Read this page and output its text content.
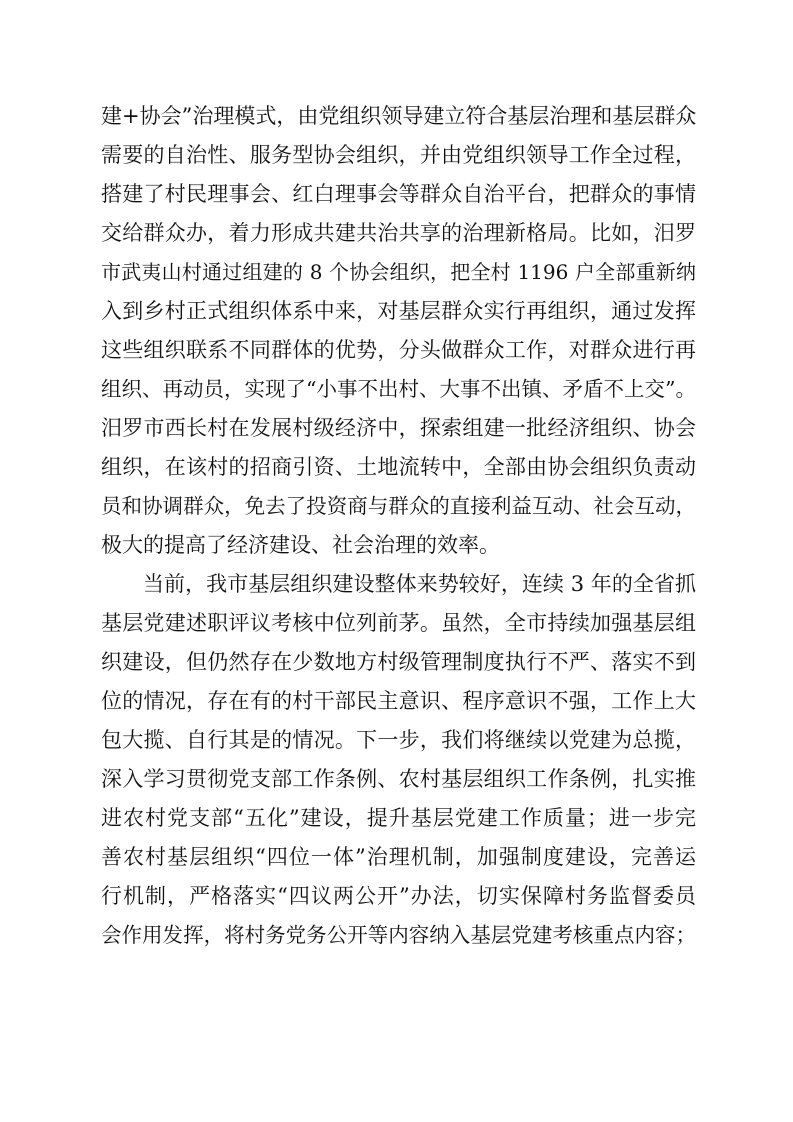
建+协会”治理模式，由党组织领导建立符合基层治理和基层群众
需要的自治性、服务型协会组织，并由党组织领导工作全过程，
搭建了村民理事会、红白理事会等群众自治平台，把群众的事情
交给群众办，着力形成共建共治共享的治理新格局。比如，汨罗
市武夷山村通过组建的 8 个协会组织，把全村 1196 户全部重新纳
入到乡村正式组织体系中来，对基层群众实行再组织，通过发挥
这些组织联系不同群体的优势，分头做群众工作，对群众进行再
组织、再动员，实现了“小事不出村、大事不出镇、矛盾不上交”。
汨罗市西长村在发展村级经济中，探索组建一批经济组织、协会
组织，在该村的招商引资、土地流转中，全部由协会组织负责动
员和协调群众，免去了投资商与群众的直接利益互动、社会互动，
极大的提高了经济建设、社会治理的效率。
当前，我市基层组织建设整体来势较好，连续 3 年的全省抓
基层党建述职评议考核中位列前茅。虽然，全市持续加强基层组
织建设，但仍然存在少数地方村级管理制度执行不严、落实不到
位的情况，存在有的村干部民主意识、程序意识不强，工作上大
包大揽、自行其是的情况。下一步，我们将继续以党建为总揽，
深入学习贯彻党支部工作条例、农村基层组织工作条例，扎实推
进农村党支部“五化”建设，提升基层党建工作质量；进一步完
善农村基层组织“四位一体”治理机制，加强制度建设，完善运
行机制，严格落实“四议两公开”办法，切实保障村务监督委员
会作用发挥，将村务党务公开等内容纳入基层党建考核重点内容；
